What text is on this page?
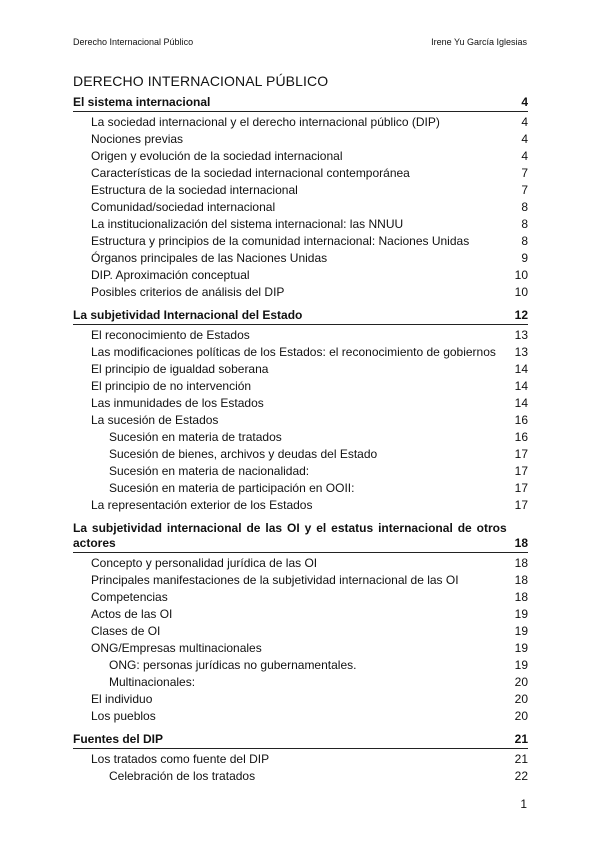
Derecho Internacional Público	Irene Yu García Iglesias
DERECHO INTERNACIONAL PÚBLICO
El sistema internacional	4
La sociedad internacional y el derecho internacional público (DIP)	4
Nociones previas	4
Origen y evolución de la sociedad internacional	4
Características de la sociedad internacional contemporánea	7
Estructura de la sociedad internacional	7
Comunidad/sociedad internacional	8
La institucionalización del sistema internacional: las NNUU	8
Estructura y principios de la comunidad internacional: Naciones Unidas	8
Órganos principales de las Naciones Unidas	9
DIP. Aproximación conceptual	10
Posibles criterios de análisis del DIP	10
La subjetividad Internacional del Estado	12
El reconocimiento de Estados	13
Las modificaciones políticas de los Estados: el reconocimiento de gobiernos 13
El principio de igualdad soberana	14
El principio de no intervención	14
Las inmunidades de los Estados	14
La sucesión de Estados	16
Sucesión en materia de tratados	16
Sucesión de bienes, archivos y deudas del Estado	17
Sucesión en materia de nacionalidad:	17
Sucesión en materia de participación en OOII:	17
La representación exterior de los Estados	17
La subjetividad internacional de las OI y el estatus internacional de otros actores	18
Concepto y personalidad jurídica de las OI	18
Principales manifestaciones de la subjetividad internacional de las OI	18
Competencias	18
Actos de las OI	19
Clases de OI	19
ONG/Empresas multinacionales	19
ONG: personas jurídicas no gubernamentales.	19
Multinacionales:	20
El individuo	20
Los pueblos	20
Fuentes del DIP	21
Los tratados como fuente del DIP	21
Celebración de los tratados	22
1
